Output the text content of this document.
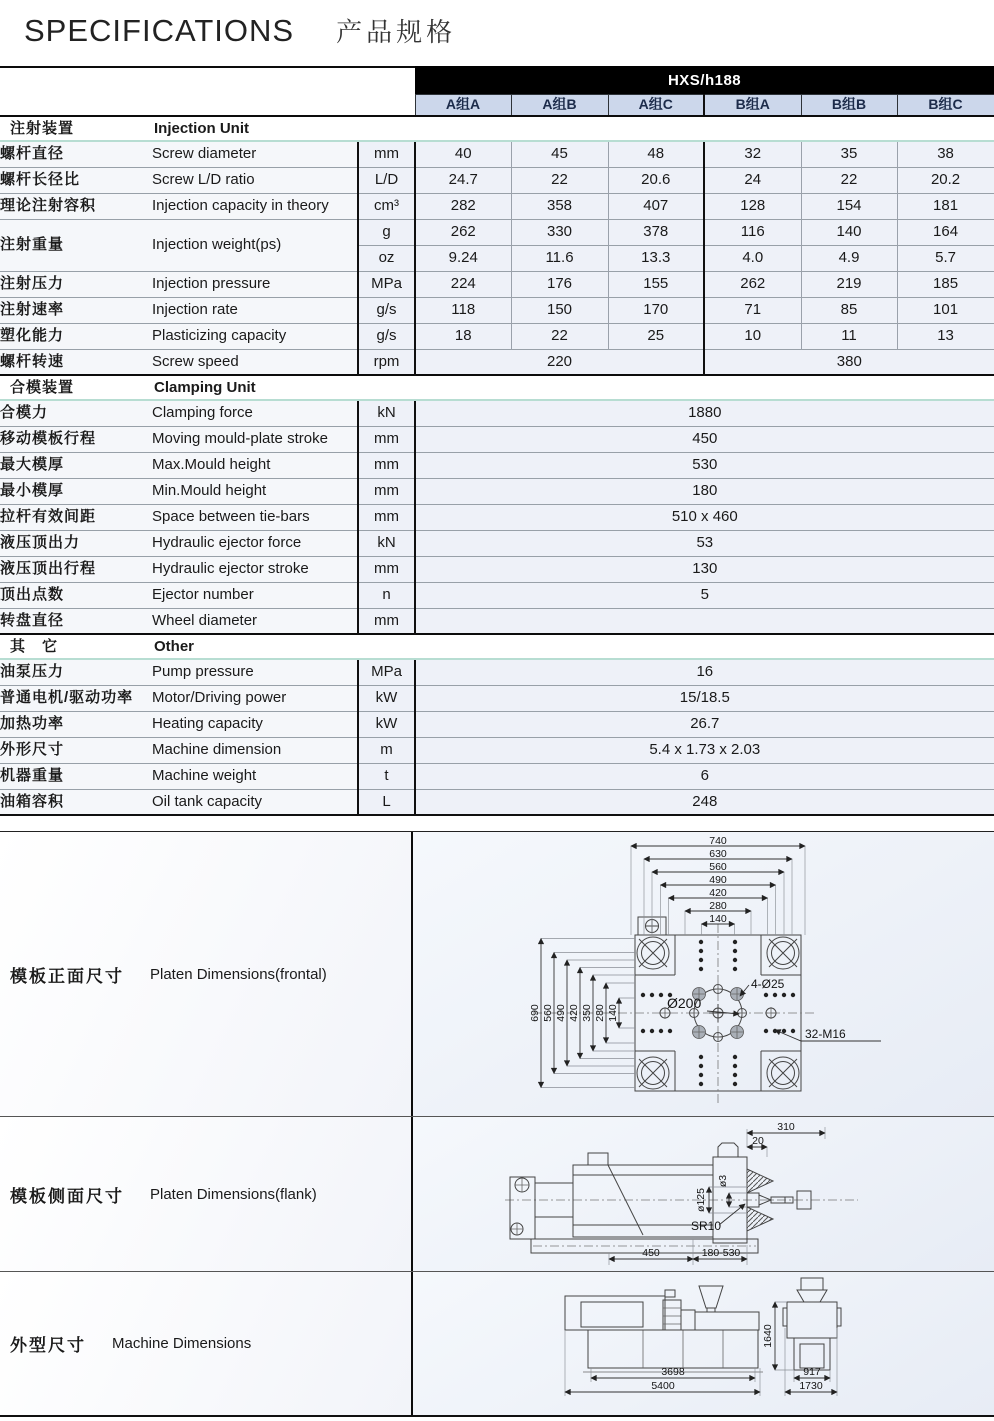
SPECIFICATIONS 产品规格
			HXS/h188					
			A组A	A组B	A组C	B组A	B组B	B组C
注射装置	Injection Unit							
螺杆直径	Screw diameter	mm	40	45	48	32	35	38
螺杆长径比	Screw L/D ratio	L/D	24.7	22	20.6	24	22	20.2
理论注射容积	Injection capacity in theory	cm³	282	358	407	128	154	181
注射重量	Injection weight(ps)	g	262	330	378	116	140	164
		oz	9.24	11.6	13.3	4.0	4.9	5.7
注射压力	Injection pressure	MPa	224	176	155	262	219	185
注射速率	Injection rate	g/s	118	150	170	71	85	101
塑化能力	Plasticizing capacity	g/s	18	22	25	10	11	13
螺杆转速	Screw speed	rpm	220			380		
合模装置	Clamping Unit							
合模力	Clamping force	kN	1880					
移动模板行程	Moving mould-plate stroke	mm	450					
最大模厚	Max.Mould height	mm	530					
最小模厚	Min.Mould height	mm	180					
拉杆有效间距	Space between tie-bars	mm	510 x 460					
液压顶出力	Hydraulic ejector force	kN	53					
液压顶出行程	Hydraulic ejector stroke	mm	130					
顶出点数	Ejector number	n	5					
转盘直径	Wheel diameter	mm						
其　它	Other							
油泵压力	Pump pressure	MPa	16					
普通电机/驱动功率	Motor/Driving power	kW	15/18.5					
加热功率	Heating capacity	kW	26.7					
外形尺寸	Machine dimension	m	5.4 x 1.73 x 2.03					
机器重量	Machine weight	t	6					
油箱容积	Oil tank capacity	L	248					
模板正面尺寸 Platen Dimensions(frontal)
4-Ø25
Ø200
32-M16
740
630
560
490
420
280
140
690 560 490 420 350 280 140
模板侧面尺寸 Platen Dimensions(flank)
310
20
ø125
ø3
SR10
450	180-530
外型尺寸 Machine Dimensions
3698
5400
1640
917
1730
